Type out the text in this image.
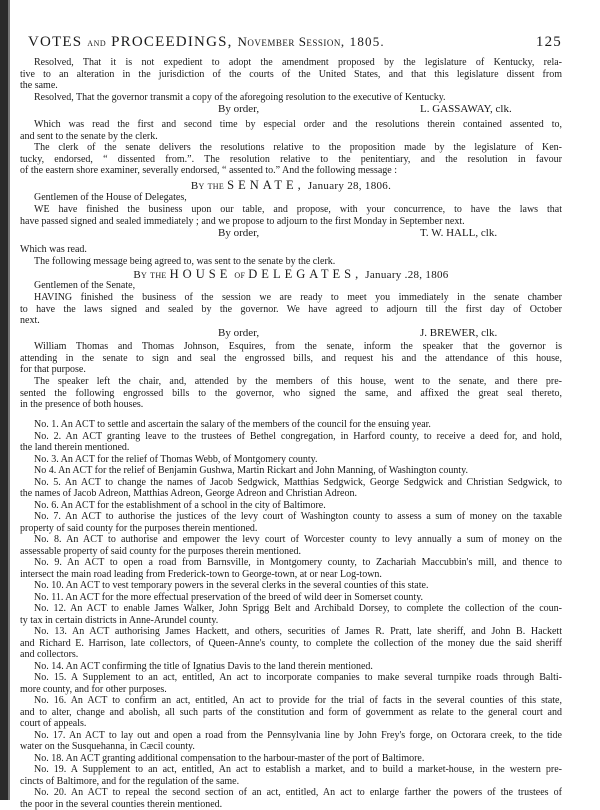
VOTES and PROCEEDINGS, November Session, 1805.	125
Resolved, That it is not expedient to adopt the amendment proposed by the legislature of Kentucky, rela-
tive to an alteration in the jurisdiction of the courts of the United States, and that this legislature dissent from
the same.
Resolved, That the governor transmit a copy of the aforegoing resolution to the executive of Kentucky.
By order,	L. GASSAWAY, clk.
Which was read the first and second time by especial order and the resolutions therein contained assented to,
and sent to the senate by the clerk.
The clerk of the senate delivers the resolutions relative to the proposition made by the legislature of Ken-
tucky, endorsed, “ dissented from.”. The resolution relative to the penitentiary, and the resolution in favour
of the eastern shore examiner, severally endorsed, “ assented to.” And the following message :
By the SENATE, January 28, 1806.
Gentlemen of the House of Delegates,
WE have finished the business upon our table, and propose, with your concurrence, to have the laws that
have passed signed and sealed immediately ; and we propose to adjourn to the first Monday in September next.
By order,	T. W. HALL, clk.
Which was read.
The following message being agreed to, was sent to the senate by the clerk.
By the HOUSE of DELEGATES, January .28, 1806
Gentlemen of the Senate,
HAVING finished the business of the session we are ready to meet you immediately in the senate chamber
to have the laws signed and sealed by the governor. We have agreed to adjourn till the first day of October
next.
By order,	J. BREWER, clk.
William Thomas and Thomas Johnson, Esquires, from the senate, inform the speaker that the governor is
attending in the senate to sign and seal the engrossed bills, and request his and the attendance of this house,
for that purpose.
The speaker left the chair, and, attended by the members of this house, went to the senate, and there pre-
sented the following engrossed bills to the governor, who signed the same, and affixed the great seal thereto,
in the presence of both houses.
No. 1. An ACT to settle and ascertain the salary of the members of the council for the ensuing year.
No. 2. An ACT granting leave to the trustees of Bethel congregation, in Harford county, to receive a deed for, and hold,
the land therein mentioned.
No. 3. An ACT for the relief of Thomas Webb, of Montgomery county.
No 4. An ACT for the relief of Benjamin Gushwa, Martin Rickart and John Manning, of Washington county.
No. 5. An ACT to change the names of Jacob Sedgwick, Matthias Sedgwick, George Sedgwick and Christian Sedgwick, to
the names of Jacob Adreon, Matthias Adreon, George Adreon and Christian Adreon.
No. 6. An ACT for the establishment of a school in the city of Baltimore.
No. 7. An ACT to authorise the justices of the levy court of Washington county to assess a sum of money on the taxable
property of said county for the purposes therein mentioned.
No. 8. An ACT to authorise and empower the levy court of Worcester county to levy annually a sum of money on the
assessable property of said county for the purposes therein mentioned.
No. 9. An ACT to open a road from Barnsville, in Montgomery county, to Zachariah Maccubbin's mill, and thence to
intersect the main road leading from Frederick-town to George-town, at or near Log-town.
No. 10. An ACT to vest temporary powers in the several clerks in the several counties of this state.
No. 11. An ACT for the more effectual preservation of the breed of wild deer in Somerset county.
No. 12. An ACT to enable James Walker, John Sprigg Belt and Archibald Dorsey, to complete the collection of the coun-
ty tax in certain districts in Anne-Arundel county.
No. 13. An ACT authorising James Hackett, and others, securities of James R. Pratt, late sheriff, and John B. Hackett
and Richard E. Harrison, late collectors, of Queen-Anne's county, to complete the collection of the money due the said sheriff
and collectors.
No. 14. An ACT confirming the title of Ignatius Davis to the land therein mentioned.
No. 15. A Supplement to an act, entitled, An act to incorporate companies to make several turnpike roads through Balti-
more county, and for other purposes.
No. 16. An ACT to confirm an act, entitled, An act to provide for the trial of facts in the several counties of this state,
and to alter, change and abolish, all such parts of the constitution and form of government as relate to the general court and
court of appeals.
No. 17. An ACT to lay out and open a road from the Pennsylvania line by John Frey's forge, on Octorara creek, to the tide
water on the Susquehanna, in Cæcil county.
No. 18. An ACT granting additional compensation to the harbour-master of the port of Baltimore.
No. 19. A Supplement to an act, entitled, An act to establish a market, and to build a market-house, in the western pre-
cincts of Baltimore, and for the regulation of the same.
No. 20. An ACT to repeal the second section of an act, entitled, An act to enlarge farther the powers of the trustees of
the poor in the several counties therein mentioned.
